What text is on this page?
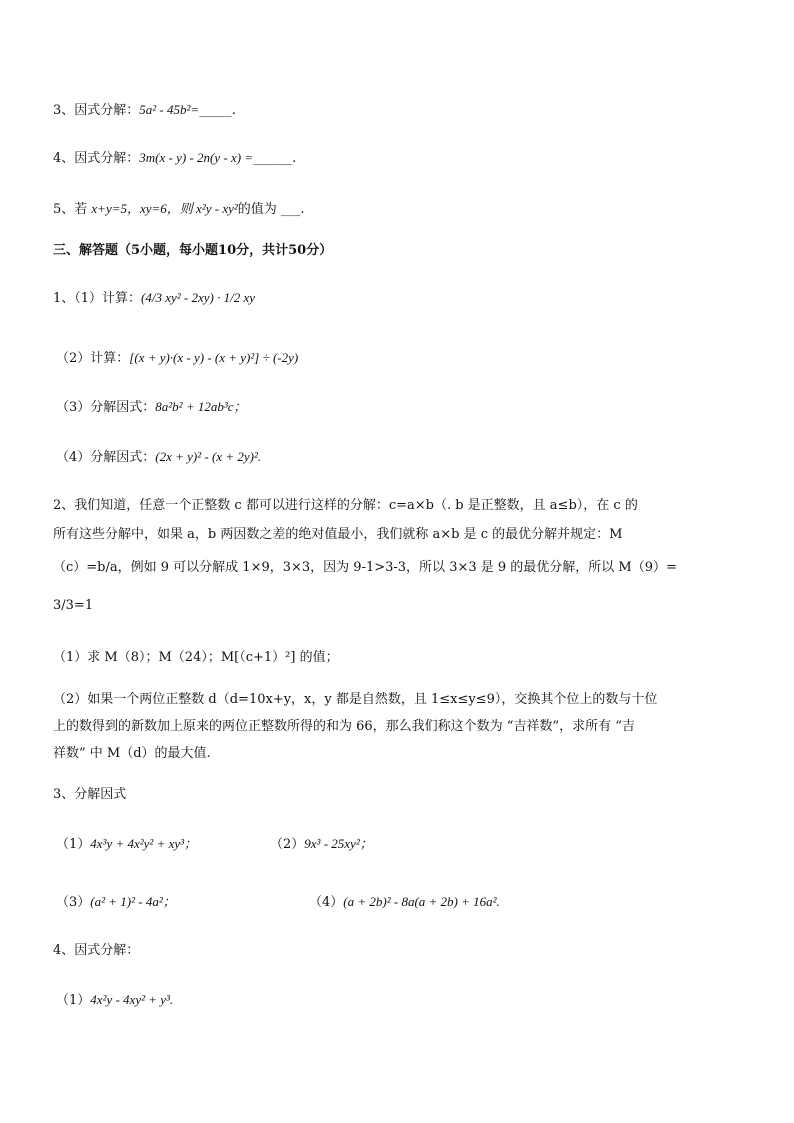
3、因式分解：5a² - 45b²=_____.
4、因式分解：3m(x - y) - 2n(y - x) =______.
5、若 x+y=5，xy=6，则 x²y - xy²的值为 ___.
三、解答题（5小题，每小题10分，共计50分）
1、（1）计算：(4/3 xy² - 2xy) · 1/2 xy
（2）计算：[(x + y)·(x - y) - (x + y)²] ÷ (-2y)
（3）分解因式：8a²b² + 12ab³c；
（4）分解因式：(2x + y)² - (x + 2y)².
2、我们知道，任意一个正整数 c 都可以进行这样的分解：c=a×b（. b 是正整数，且 a≤b），在 c 的
所有这些分解中，如果 a，b 两因数之差的绝对值最小，我们就称 a×b 是 c 的最优分解并规定：M
（c）=b/a，例如 9 可以分解成 1×9，3×3，因为 9-1>3-3，所以 3×3 是 9 的最优分解，所以 M（9）=
3/3=1
（1）求 M（8）；M（24）；M[（c+1）²] 的值；
（2）如果一个两位正整数 d（d=10x+y，x，y 都是自然数，且 1≤x≤y≤9），交换其个位上的数与十位
上的数得到的新数加上原来的两位正整数所得的和为 66，那么我们称这个数为 “吉祥数”，求所有 “吉
祥数” 中 M（d）的最大值.
3、分解因式
（1）4x³y + 4x²y² + xy³；	（2）9x³ - 25xy²；
（3）(a² + 1)² - 4a²；	（4）(a + 2b)² - 8a(a + 2b) + 16a².
4、因式分解：
（1）4x²y - 4xy² + y³.
